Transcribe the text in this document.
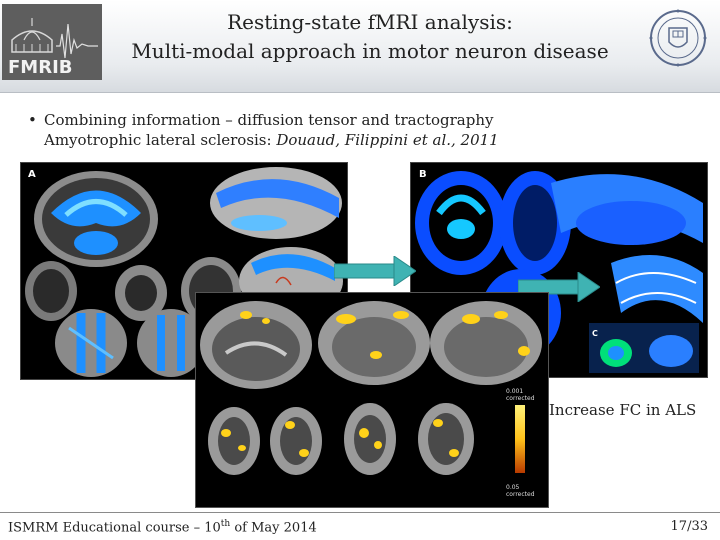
FMRIB
Resting-state fMRI analysis:
Multi-modal approach in motor neuron disease
• Combining information – diffusion tensor and tractography
Amyotrophic lateral sclerosis: Douaud, Filippini et al., 2011
A	B
C
0.001
corrected
0.05
corrected
Increase FC in ALS
ISMRM Educational course – 10th of May 2014	17/33
